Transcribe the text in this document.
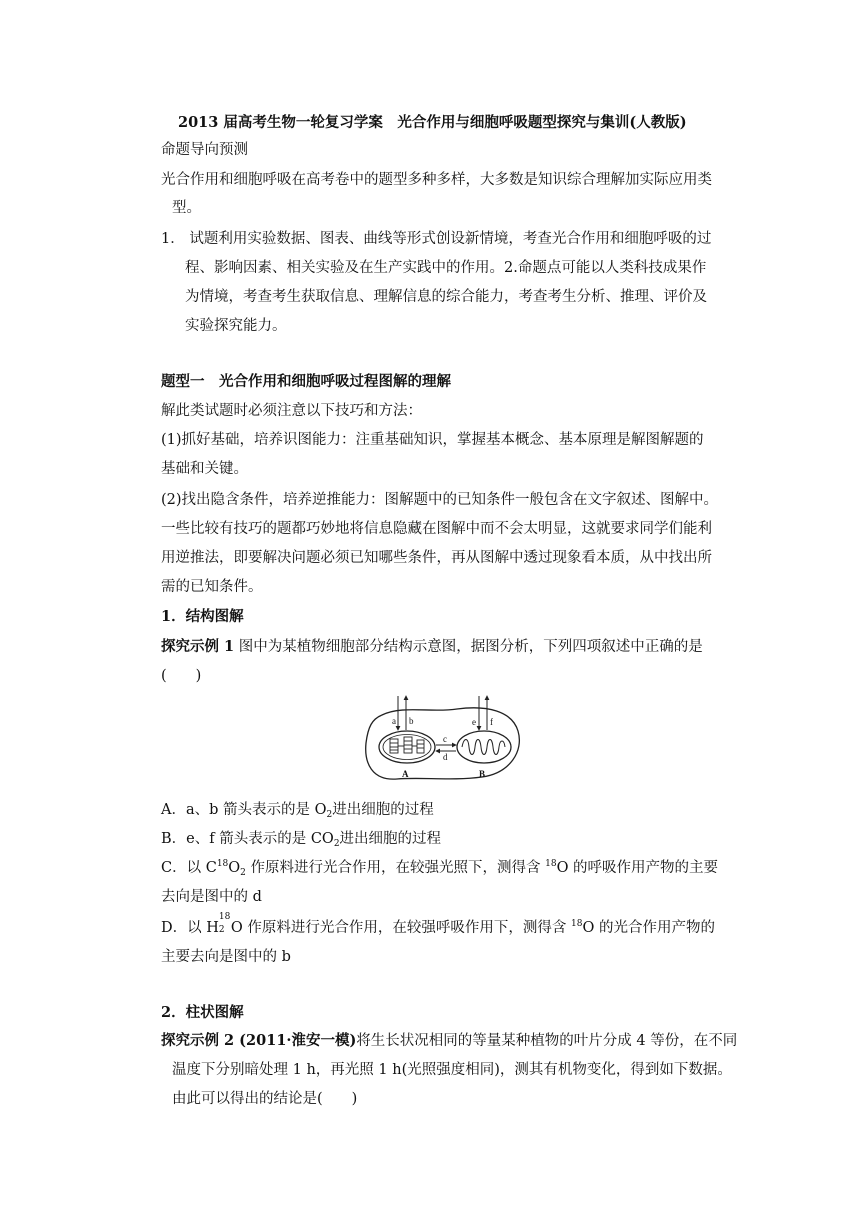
2013 届高考生物一轮复习学案　光合作用与细胞呼吸题型探究与集训(人教版)
命题导向预测
光合作用和细胞呼吸在高考卷中的题型多种多样，大多数是知识综合理解加实际应用类
型。
1． 试题利用实验数据、图表、曲线等形式创设新情境，考查光合作用和细胞呼吸的过
程、影响因素、相关实验及在生产实践中的作用。2.命题点可能以人类科技成果作
为情境，考查考生获取信息、理解信息的综合能力，考查考生分析、推理、评价及
实验探究能力。
题型一　光合作用和细胞呼吸过程图解的理解
解此类试题时必须注意以下技巧和方法：
(1)抓好基础，培养识图能力：注重基础知识，掌握基本概念、基本原理是解图解题的
基础和关键。
(2)找出隐含条件，培养逆推能力：图解题中的已知条件一般包含在文字叙述、图解中。
一些比较有技巧的题都巧妙地将信息隐藏在图解中而不会太明显，这就要求同学们能利
用逆推法，即要解决问题必须已知哪些条件，再从图解中透过现象看本质，从中找出所
需的已知条件。
1．结构图解
探究示例 1 图中为某植物细胞部分结构示意图，据图分析，下列四项叙述中正确的是
(　　)
a b	e f
c
d
A	B
A．a、b 箭头表示的是 $O_2$进出细胞的过程
B．e、f 箭头表示的是 $CO_2$进出细胞的过程
C．以 $C^{18}O_2$ 作原料进行光合作用，在较强光照下，测得含 $^{18}$O 的呼吸作用产物的主要
去向是图中的 d
D．以 H
18
2 O 作原料进行光合作用，在较强呼吸作用下，测得含 $^{18}$O 的光合作用产物的
主要去向是图中的 b
2．柱状图解
探究示例 2 (2011·淮安一模)将生长状况相同的等量某种植物的叶片分成 4 等份，在不同
温度下分别暗处理 1 h，再光照 1 h(光照强度相同)，测其有机物变化，得到如下数据。
由此可以得出的结论是(　　)
